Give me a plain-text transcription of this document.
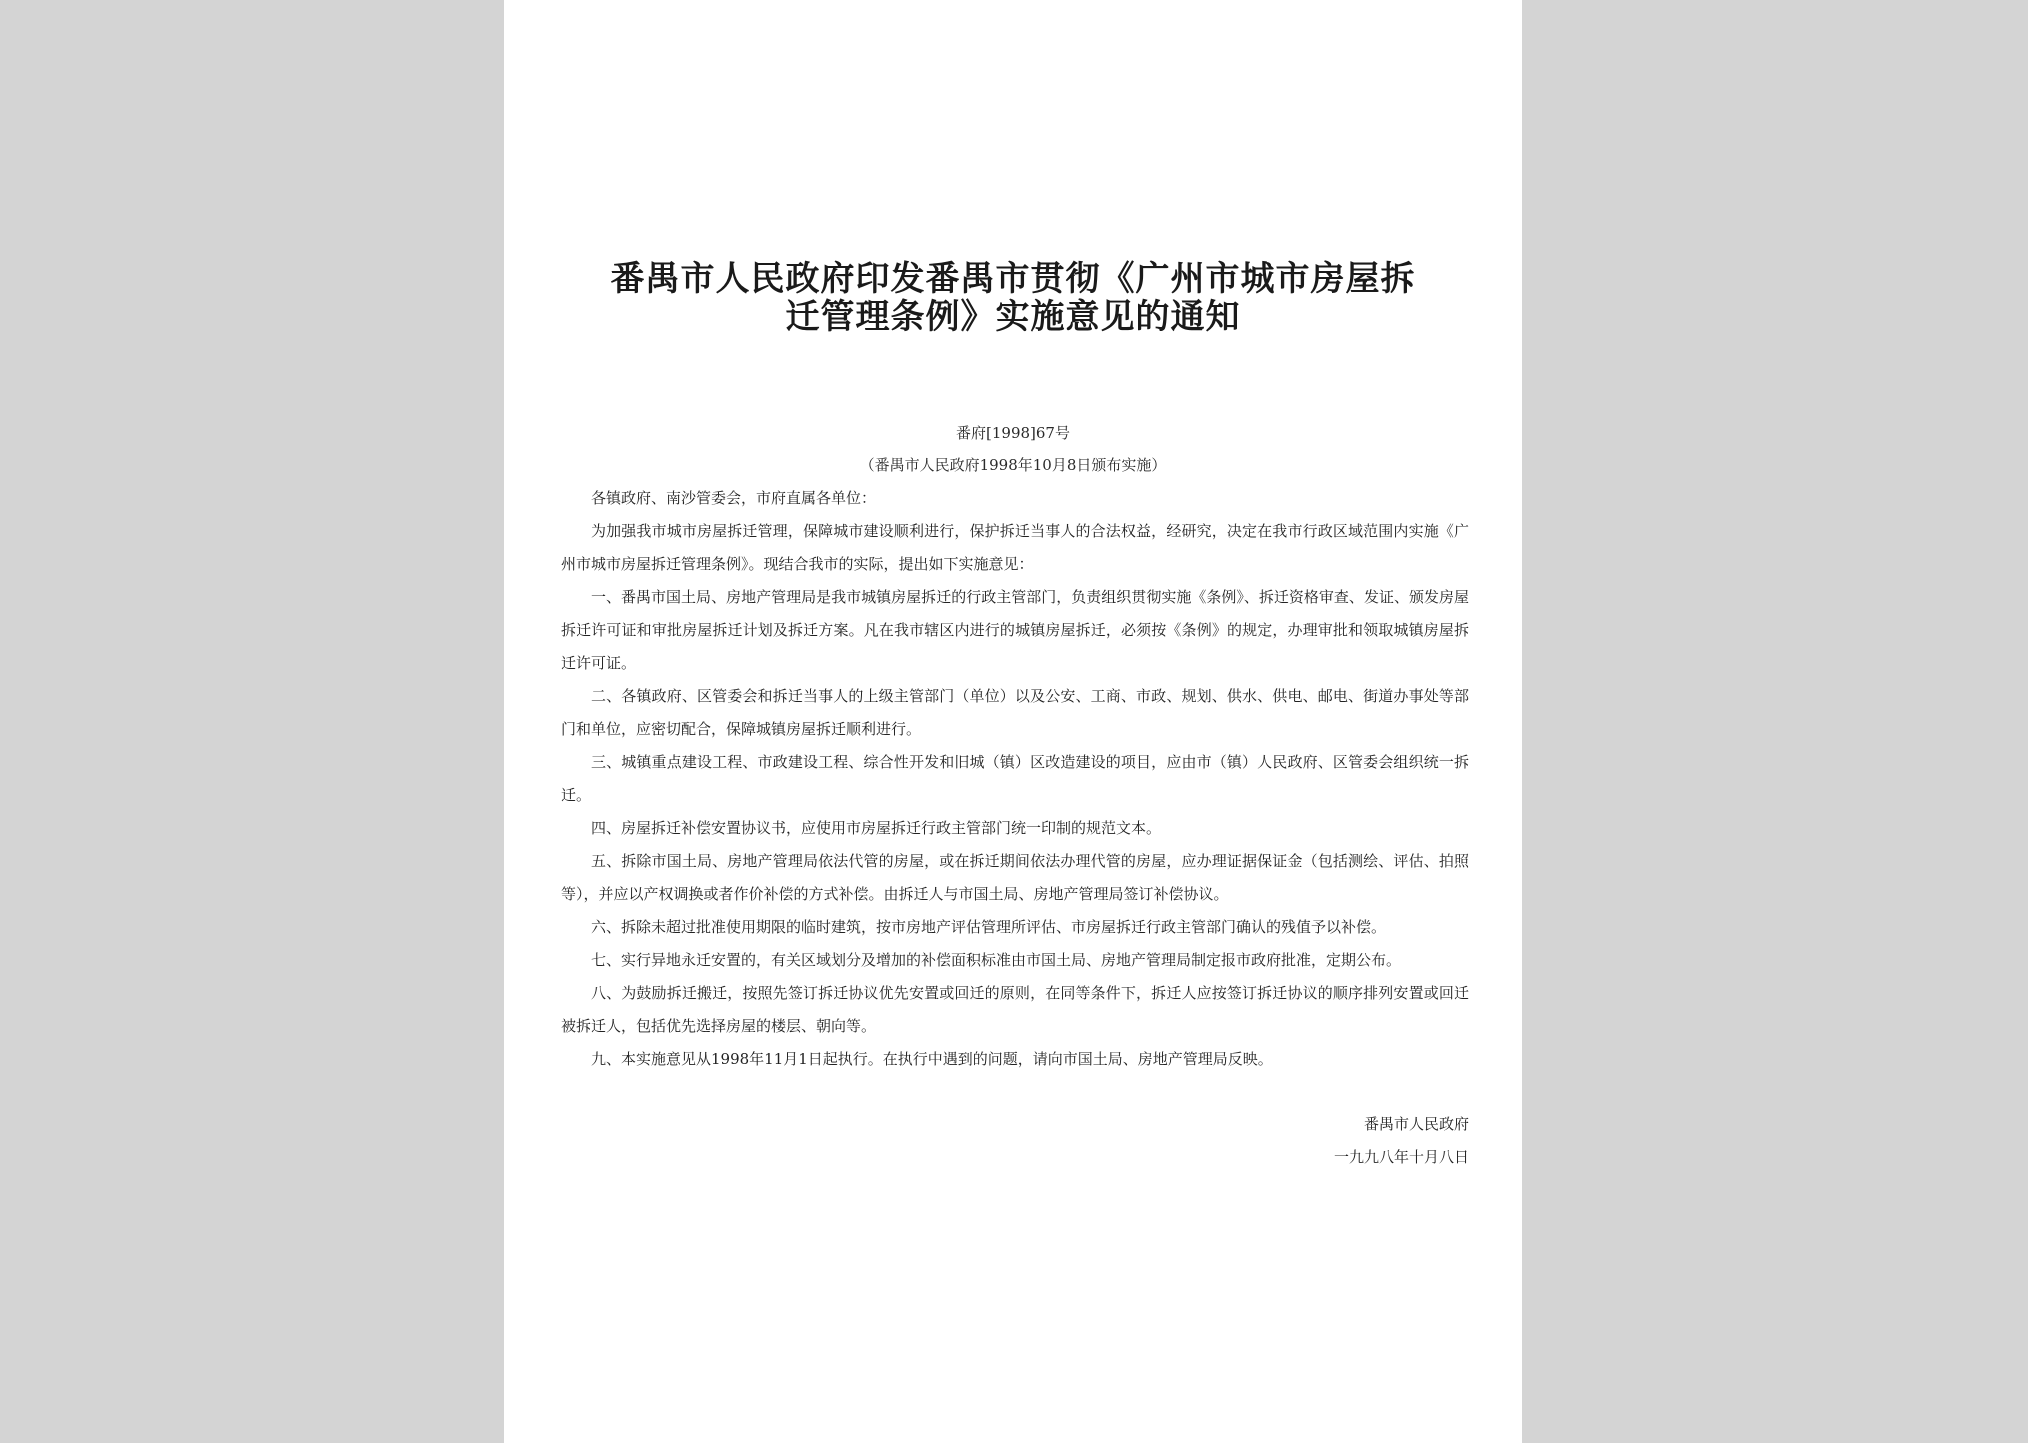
番禺市人民政府印发番禺市贯彻《广州市城市房屋拆
迁管理条例》实施意见的通知
番府[1998]67号
（番禺市人民政府1998年10月8日颁布实施）

各镇政府、南沙管委会，市府直属各单位：

为加强我市城市房屋拆迁管理，保障城市建设顺利进行，保护拆迁当事人的合法权益，经研究，决定在我市行政区域范围内实施《广州市城市房屋拆迁管理条例》。现结合我市的实际，提出如下实施意见：

一、番禺市国土局、房地产管理局是我市城镇房屋拆迁的行政主管部门，负责组织贯彻实施《条例》、拆迁资格审查、发证、颁发房屋拆迁许可证和审批房屋拆迁计划及拆迁方案。凡在我市辖区内进行的城镇房屋拆迁，必须按《条例》的规定，办理审批和领取城镇房屋拆迁许可证。

二、各镇政府、区管委会和拆迁当事人的上级主管部门（单位）以及公安、工商、市政、规划、供水、供电、邮电、街道办事处等部门和单位，应密切配合，保障城镇房屋拆迁顺利进行。

三、城镇重点建设工程、市政建设工程、综合性开发和旧城（镇）区改造建设的项目，应由市（镇）人民政府、区管委会组织统一拆迁。

四、房屋拆迁补偿安置协议书，应使用市房屋拆迁行政主管部门统一印制的规范文本。

五、拆除市国土局、房地产管理局依法代管的房屋，或在拆迁期间依法办理代管的房屋，应办理证据保证金（包括测绘、评估、拍照等），并应以产权调换或者作价补偿的方式补偿。由拆迁人与市国土局、房地产管理局签订补偿协议。

六、拆除未超过批准使用期限的临时建筑，按市房地产评估管理所评估、市房屋拆迁行政主管部门确认的残值予以补偿。

七、实行异地永迁安置的，有关区域划分及增加的补偿面积标准由市国土局、房地产管理局制定报市政府批准，定期公布。

八、为鼓励拆迁搬迁，按照先签订拆迁协议优先安置或回迁的原则，在同等条件下，拆迁人应按签订拆迁协议的顺序排列安置或回迁被拆迁人，包括优先选择房屋的楼层、朝向等。

九、本实施意见从1998年11月1日起执行。在执行中遇到的问题，请向市国土局、房地产管理局反映。

番禺市人民政府
一九九八年十月八日
